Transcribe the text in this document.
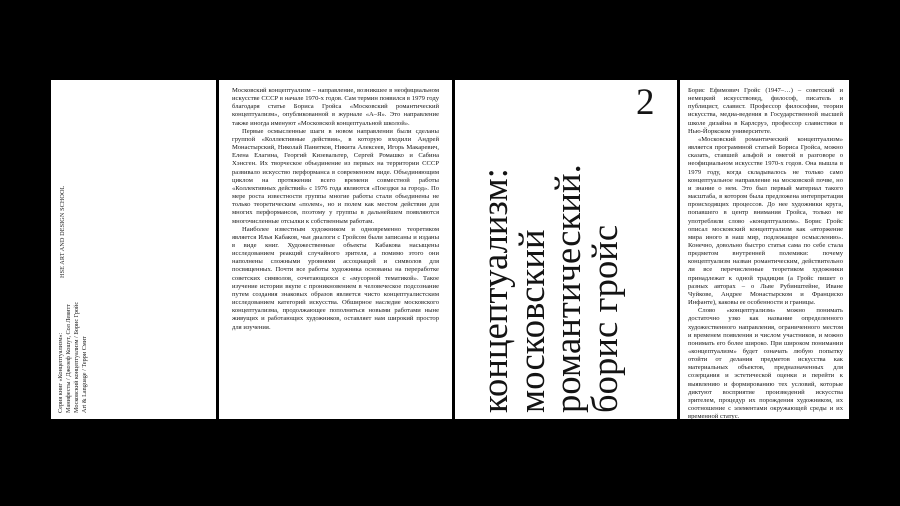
Серия книг «Концептуализм»: Манифесты / Джозеф Кошут, Сол Левитт Московский концептуализм / Борис Гройс Art & Language / Терри Смит
HSE ART AND DESIGN SCHOOL

Московский концептуализм – направление, возникшее в неофициальном искусстве СССР в начале 1970-х годов. Сам термин появился в 1979 году благодаря статье Бориса Гройса «Московский романтический концептуализм», опубликованной в журнале «А–Я». Это направление также иногда именуют «Московской концептуальной школой».

Первые осмысленные шаги в новом направлении были сделаны группой «Коллективные действия», в которую входили Андрей Монастырский, Николай Панитков, Никита Алексеев, Игорь Макаревич, Елена Елагина, Георгий Кизевальтер, Сергей Ромашко и Сабина Хэнсген. Их творческое объединение из первых на территории СССР развивало искусство перформанса в современном виде. Объединяющим циклом на протяжении всего времени совместной работы «Коллективных действий» с 1976 года являются «Поездки за город». По мере роста известности группы многие работы стали объединены не только теоретическим «полем», но и полем как местом действия для многих перформансов, поэтому у группы в дальнейшем появляются многочисленные отсылки к собственным работам.

Наиболее известным художником и одновременно теоретиком является Илья Кабаков, чьи диалоги с Гройсом были записаны и изданы в виде книг. Художественные объекты Кабакова насыщены исследованием реакций случайного зрителя, а помимо этого они наполнены сложными уровнями ассоциаций и символов для посвященных. Почти все работы художника основаны на переработке советских символов, сочетающихся с «мусорной тематикой». Такое изучение истории вкупе с проникновением в человеческое подсознание путем создания знаковых образов является чисто концептуалистским исследованием категорий искусства. Обширное наследие московского концептуализма, продолжающее пополняться новыми работами ныне живущих и работающих художников, оставляет нам широкий простор для изучения.

2
концептуализм:
московский
романтический.
борис гройс

Борис Ефимович Гройс (1947–…) – советский и немецкий искусствовед, философ, писатель и публицист, славист. Профессор философии, теории искусства, медиа-ведения в Государственной высшей школе дизайна в Карлсруэ, профессор славистики в Нью-Йоркском университете.

«Московский романтический концептуализм» является программной статьей Бориса Гройса, можно сказать, ставшей альфой и омегой в разговоре о неофициальном искусстве 1970-х годов. Она вышла в 1979 году, когда складывалось не только само концептуальное направление на московской почве, но и знание о нем. Это был первый материал такого масштаба, в котором была предложена интерпретация происходящих процессов. До нее художники круга, попавшего в центр внимания Гройса, только не употребляли слово «концептуализм». Борис Гройс описал московский концептуализм как «вторжение мира иного в наш мир, подлежащее осмыслению». Конечно, довольно быстро статья сама по себе стала предметом внутренней полемики: почему концептуализм назван романтическим, действительно ли все перечисленные теоретиком художники принадлежат к одной традиции (а Гройс пишет о разных авторах – о Льве Рубинштейне, Иване Чуйкове, Андрее Монастырском и Франциско Инфанте), каковы ее особенности и границы.

Слово «концептуализм» можно понимать достаточно узко как название определенного художественного направления, ограниченного местом и временем появления и числом участников, и можно понимать его более широко. При широком понимании «концептуализм» будет означать любую попытку отойти от делания предметов искусства как материальных объектов, предназначенных для созерцания и эстетической оценки и перейти к выявлению и формированию тех условий, которые диктуют восприятие произведений искусства зрителем, процедур их порождения художником, их соотношение с элементами окружающей среды и их временной статус.
